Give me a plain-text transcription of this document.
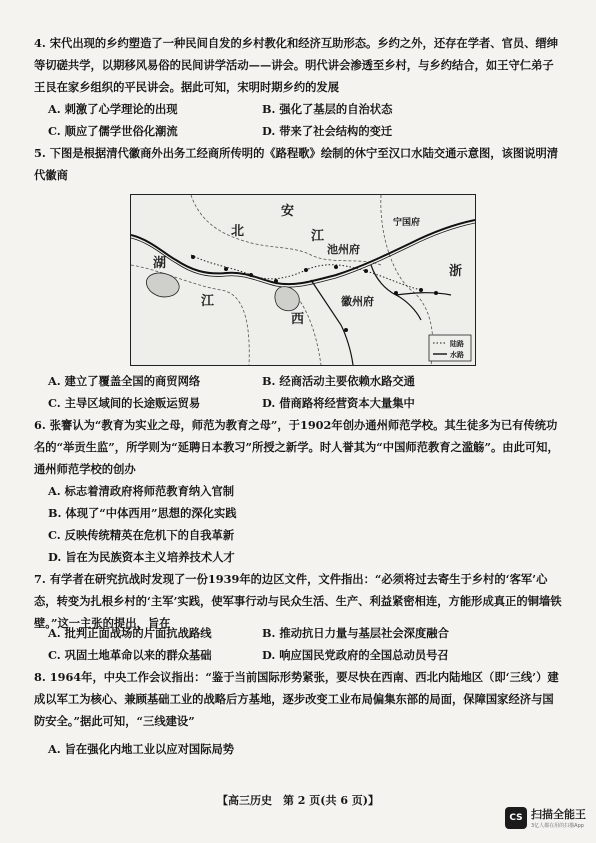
4. 宋代出现的乡约塑造了一种民间自发的乡村教化和经济互助形态。乡约之外，还存在学者、官员、缙绅等切磋共学，以期移风易俗的民间讲学活动——讲会。明代讲会渗透至乡村，与乡约结合，如王守仁弟子王艮在家乡组织的平民讲会。据此可知，宋明时期乡约的发展
A. 刺激了心学理论的出现	B. 强化了基层的自治状态
C. 顺应了儒学世俗化潮流	D. 带来了社会结构的变迁
5. 下图是根据清代徽商外出务工经商所传明的《路程歌》绘制的休宁至汉口水陆交通示意图，该图说明清代徽商
北
安
湖
江
池州府
宁国府
徽州府
江
西
浙
陆路
水路
A. 建立了覆盖全国的商贸网络	B. 经商活动主要依赖水路交通
C. 主导区域间的长途贩运贸易	D. 借商路将经营资本大量集中
6. 张謇认为“教育为实业之母，师范为教育之母”，于1902年创办通州师范学校。其生徒多为已有传统功名的“举贡生监”，所学则为“延聘日本教习”所授之新学。时人誉其为“中国师范教育之滥觞”。由此可知，通州师范学校的创办
A. 标志着清政府将师范教育纳入官制
B. 体现了“中体西用”思想的深化实践
C. 反映传统精英在危机下的自我革新
D. 旨在为民族资本主义培养技术人才
7. 有学者在研究抗战时发现了一份1939年的边区文件，文件指出：“必须将过去寄生于乡村的‘客军’心态，转变为扎根乡村的‘主军’实践，使军事行动与民众生活、生产、利益紧密相连，方能形成真正的铜墙铁壁。”这一主张的提出，旨在
A. 批判正面战场的片面抗战路线	B. 推动抗日力量与基层社会深度融合
C. 巩固土地革命以来的群众基础	D. 响应国民党政府的全国总动员号召
8. 1964年，中央工作会议指出：“鉴于当前国际形势紧张，要尽快在西南、西北内陆地区（即‘三线’）建成以军工为核心、兼顾基础工业的战略后方基地，逐步改变工业布局偏集东部的局面，保障国家经济与国防安全。”据此可知，“三线建设”
A. 旨在强化内地工业以应对国际局势
【高三历史　第 2 页(共 6 页)】
CS 扫描全能王
3亿人都在用的扫描App
